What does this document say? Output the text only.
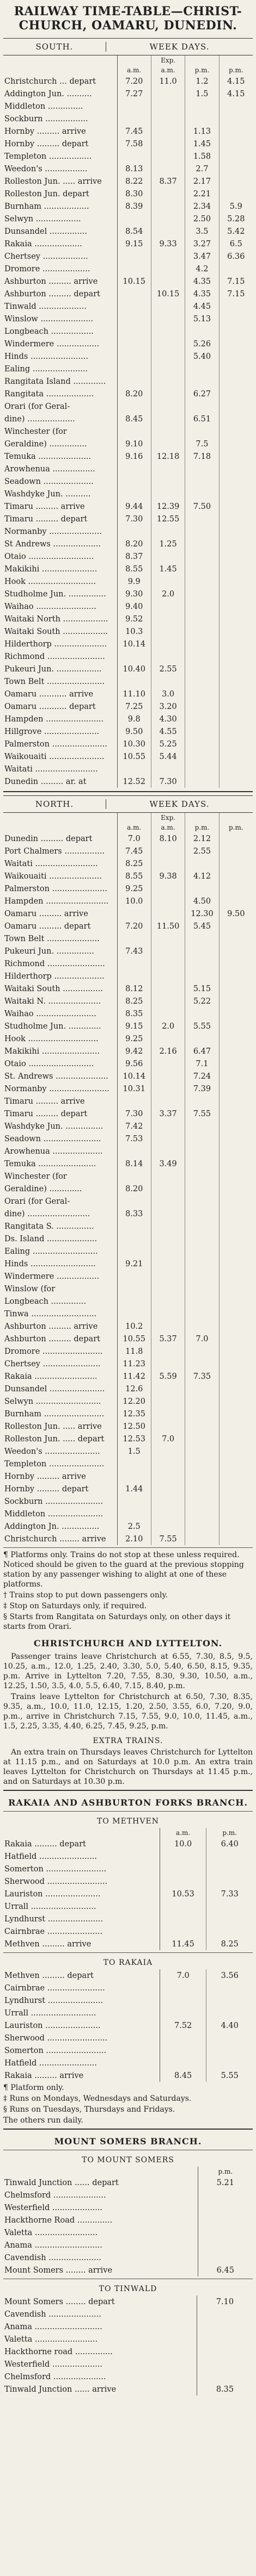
RAILWAY TIME-TABLE—CHRIST-
CHURCH, OAMARU, DUNEDIN.
SOUTH.	WEEK DAYS.
		Exp.		
	a.m.	a.m.	p.m.	p.m.
Christchurch ... depart	7.20	11.0	1.2	4.15
Addington Jun. ..........	7.27		1.5	4.15
Middleton ..............				
Sockburn .................				
Hornby ......... arrive	7.45		1.13	
Hornby ......... depart	7.58		1.45	
Templeton .................			1.58	
Weedon's .................	8.13		2.7	
Rolleston Jun. ..... arrive	8.22	8.37	2.17	
Rolleston Jun. depart	8.30		2.21	
Burnham ..................	8.39		2.34	5.9
Selwyn ..................			2.50	5.28
Dunsandel ...............	8.54		3.5	5.42
Rakaia ...................	9.15	9.33	3.27	6.5
Chertsey ..................			3.47	6.36
Dromore ...................			4.2	
Ashburton ......... arrive	10.15		4.35	7.15
Ashburton ......... depart		10.15	4.35	7.15
Tinwald ...................			4.45	
Winslow .....................			5.13	
Longbeach .................				
Windermere .................			5.26	
Hinds .......................			5.40	
Ealing ......................				
Rangitata Island .............				
Rangitata ...................	8.20		6.27	
Orari (for Geral-				
dine) ...................	8.45		6.51	
Winchester (for				
Geraldine) ...............	9.10		7.5	
Temuka .....................	9.16	12.18	7.18	
Arowhenua .................				
Seadown ....................				
Washdyke Jun. ..........				
Timaru ......... arrive	9.44	12.39	7.50	
Timaru ......... depart	7.30	12.55		
Normanby .....................				
St Andrews ...................	8.20	1.25		
Otaio ..........................	8.37			
Makikihi ......................	8.55	1.45		
Hook ...........................	9.9			
Studholme Jun. ...............	9.30	2.0		
Waihao ........................	9.40			
Waitaki North ..................	9.52			
Waitaki South ..................	10.3			
Hilderthorp .....................	10.14			
Richmond .......................				
Pukeuri Jun. ..................	10.40	2.55		
Town Belt .......................				
Oamaru ........... arrive	11.10	3.0		
Oamaru ........... depart	7.25	3.20		
Hampden .......................	9.8	4.30		
Hillgrove ......................	9.50	4.55		
Palmerston ......................	10.30	5.25		
Waikouaiti ......................	10.55	5.44		
Waitati .........................				
Dunedin ......... ar. at	12.52	7.30		
NORTH.	WEEK DAYS.
		Exp.		
	a.m.	a.m.	p.m.	p.m.
Dunedin ......... depart	7.0	8.10	2.12	
Port Chalmers ................	7.45		2.55	
Waitati .........................	8.25			
Waikouaiti .....................	8.55	9.38	4.12	
Palmerston ......................	9.25			
Hampden .........................	10.0		4.50	
Oamaru ......... arrive			12.30	9.50
Oamaru ......... depart	7.20	11.50	5.45	
Town Belt .....................				
Pukeuri Jun. ...............	7.43			
Richmond .......................				
Hilderthorp ....................				
Waitaki South ................	8.12		5.15	
Waitaki N. .....................	8.25		5.22	
Waihao ........................	8.35			
Studholme Jun. .............	9.15	2.0	5.55	
Hook ............................	9.25			
Makikihi .......................	9.42	2.16	6.47	
Otaio ..........................	9.56		7.1	
St. Andrews .....................	10.14		7.24	
Normanby ........................	10.31		7.39	
Timaru ......... arrive				
Timaru ......... depart	7.30	3.37	7.55	
Washdyke Jun. ...............	7.42			
Seadown .......................	7.53			
Arowhenua ....................				
Temuka .......................	8.14	3.49		
Winchester (for				
Geraldine) .............	8.20			
Orari (for Geral-				
dine) .........................	8.33			
Rangitata S. ...............				
Ds. Island ....................				
Ealing ..........................				
Hinds ..........................	9.21			
Windermere .................				
Winslow (for				
Longbeach ..............				
Tinwa ..........................				
Ashburton ......... arrive	10.2			
Ashburton ......... depart	10.55	5.37	7.0	
Dromore ........................	11.8			
Chertsey .......................	11.23			
Rakaia .........................	11.42	5.59	7.35	
Dunsandel ......................	12.6			
Selwyn ..........................	12.20			
Burnham ........................	12.35			
Rolleston Jun. ..... arrive	12.50			
Rolleston Jun. ..... depart	12.53	7.0		
Weedon's ......................	1.5			
Templeton ......................				
Hornby ......... arrive				
Hornby ......... depart	1.44			
Sockburn .......................				
Middleton ......................				
Addington Jn. ...............	2.5			
Christchurch ........ arrive	2.10	7.55		

¶ Platforms only. Trains do not stop at these unless required. Noticed should be given to the guard at the previous stopping station by any passenger wishing to alight at one of these platforms.

† Trains stop to put down passengers only.

‡ Stop on Saturdays only, if required.

§ Starts from Rangitata on Saturdays only, on other days it starts from Orari.

CHRISTCHURCH AND LYTTELTON.

Passenger trains leave Christchurch at 6.55, 7.30, 8.5, 9.5, 10.25, a.m., 12.0, 1.25, 2.40, 3.30, 5.0, 5.40, 6.50, 8.15, 9.35, p.m. Arrive in Lyttelton 7.20, 7.55, 8.30, 9.30, 10.50, a.m., 12.25, 1.50, 3.5, 4.0, 5.5, 6.40, 7.15, 8.40, p.m.

Trains leave Lyttelton for Christchurch at 6.50, 7.30, 8.35, 9.35, a.m., 10.0, 11.0, 12.15, 1.20, 2.50, 3.55, 6.0, 7.20, 9.0, p.m., arrive in Christchurch 7.15, 7.55, 9.0, 10.0, 11.45, a.m., 1.5, 2.25, 3.35, 4.40, 6.25, 7.45, 9.25, p.m.

EXTRA TRAINS.

An extra train on Thursdays leaves Christchurch for Lyttelton at 11.15 p.m., and on Saturdays at 10.0 p.m. An extra train leaves Lyttelton for Christchurch on Thursdays at 11.45 p.m., and on Saturdays at 10.30 p.m.

RAKAIA AND ASHBURTON FORKS BRANCH.
TO METHVEN
	a.m.	p.m.
Rakaia ......... depart	10.0	6.40
Hatfield .......................		
Somerton ........................		
Sherwood ........................		
Lauriston ......................	10.53	7.33
Urrall ..........................		
Lyndhurst ......................		
Cairnbrae ......................		
Methven ......... arrive	11.45	8.25
TO RAKAIA
Methven ......... depart	7.0	3.56
Cairnbrae .......................		
Lyndhurst ......................		
Urrall ..........................		
Lauriston ......................	7.52	4.40
Sherwood ........................		
Somerton ........................		
Hatfield .......................		
Rakaia ......... arrive	8.45	5.55

¶ Platform only.

‡ Runs on Mondays, Wednesdays and Saturdays.

§ Runs on Tuesdays, Thursdays and Fridays.

The others run daily.

MOUNT SOMERS BRANCH.
TO MOUNT SOMERS
	p.m.
Tinwald Junction ...... depart	5.21
Chelmsford .....................	
Westerfield ....................	
Hackthorne Road ..............	
Valetta .........................	
Anama ...........................	
Cavendish .....................	
Mount Somers ........ arrive	6.45
TO TINWALD
Mount Somers ........ depart	7.10
Cavendish .....................	
Anama ...........................	
Valetta .........................	
Hackthorne road ...............	
Westerfield ....................	
Chelmsford .....................	
Tinwald Junction ...... arrive	8.35
